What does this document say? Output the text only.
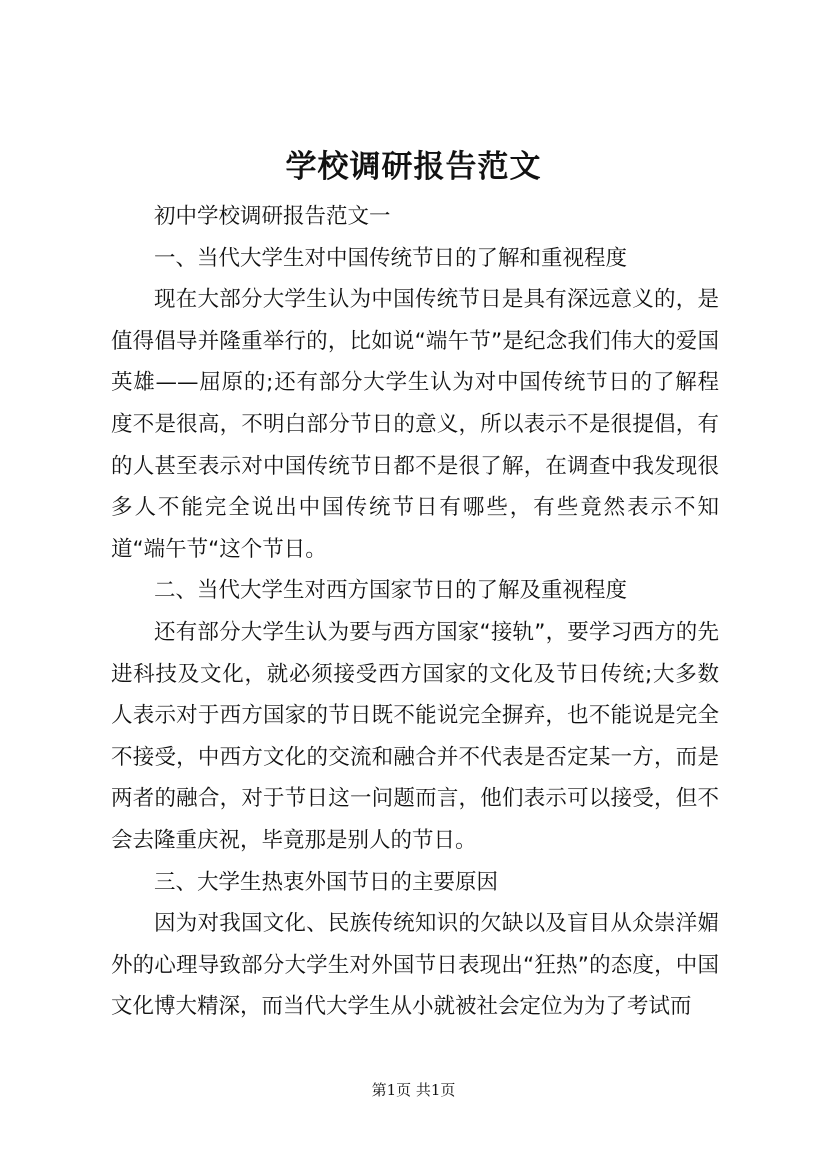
学校调研报告范文

初中学校调研报告范文一

一、当代大学生对中国传统节日的了解和重视程度

现在大部分大学生认为中国传统节日是具有深远意义的，是值得倡导并隆重举行的，比如说“端午节”是纪念我们伟大的爱国英雄——屈原的;还有部分大学生认为对中国传统节日的了解程度不是很高，不明白部分节日的意义，所以表示不是很提倡，有的人甚至表示对中国传统节日都不是很了解，在调查中我发现很多人不能完全说出中国传统节日有哪些，有些竟然表示不知道“端午节“这个节日。

二、当代大学生对西方国家节日的了解及重视程度

还有部分大学生认为要与西方国家“接轨”，要学习西方的先进科技及文化，就必须接受西方国家的文化及节日传统;大多数人表示对于西方国家的节日既不能说完全摒弃，也不能说是完全不接受，中西方文化的交流和融合并不代表是否定某一方，而是两者的融合，对于节日这一问题而言，他们表示可以接受，但不会去隆重庆祝，毕竟那是别人的节日。

三、大学生热衷外国节日的主要原因

因为对我国文化、民族传统知识的欠缺以及盲目从众崇洋媚外的心理导致部分大学生对外国节日表现出“狂热”的态度，中国文化博大精深，而当代大学生从小就被社会定位为为了考试而

第1页 共1页
